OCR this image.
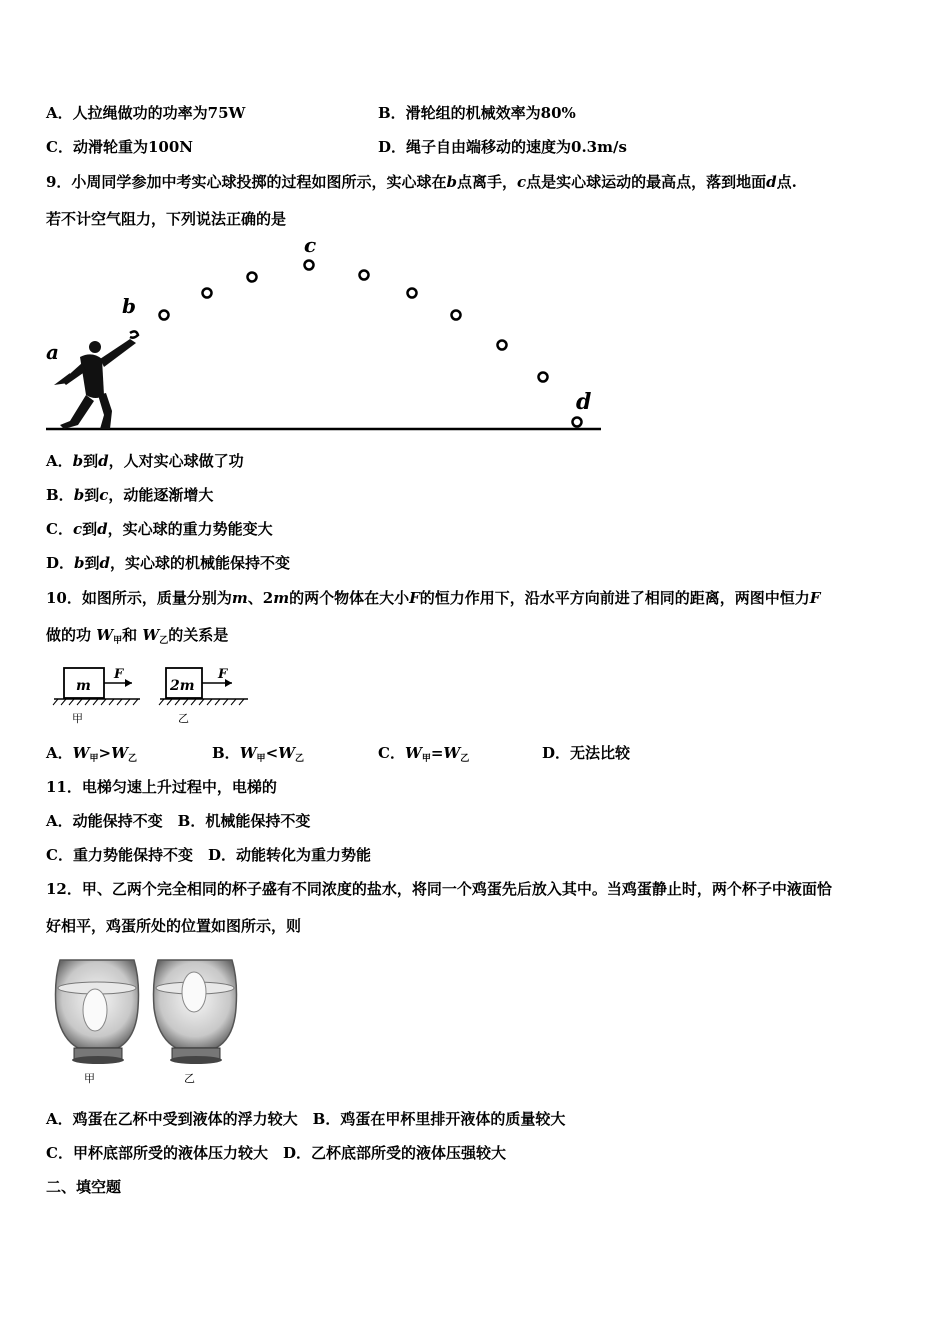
A．人拉绳做功的功率为75W	B．滑轮组的机械效率为80%
C．动滑轮重为100N	D．绳子自由端移动的速度为0.3m/s
9．小周同学参加中考实心球投掷的过程如图所示，实心球在b点离手，c点是实心球运动的最高点，落到地面d点.
若不计空气阻力，下列说法正确的是
a
b
c
d
A．b到d，人对实心球做了功
B．b到c，动能逐渐增大
C．c到d，实心球的重力势能变大
D．b到d，实心球的机械能保持不变
10．如图所示，质量分别为m、2m的两个物体在大小F的恒力作用下，沿水平方向前进了相同的距离，两图中恒力F
做的功 $W_甲$和 $W_乙$的关系是
m
F
甲
2m
F
乙
A．$W_甲>W_乙$	B．$W_甲<W_乙$	C．$W_甲=W_乙$	D．无法比较
11．电梯匀速上升过程中，电梯的
A．动能保持不变　B．机械能保持不变
C．重力势能保持不变　D．动能转化为重力势能
12．甲、乙两个完全相同的杯子盛有不同浓度的盐水，将同一个鸡蛋先后放入其中。当鸡蛋静止时，两个杯子中液面恰
好相平，鸡蛋所处的位置如图所示，则
甲	乙
A．鸡蛋在乙杯中受到液体的浮力较大　B．鸡蛋在甲杯里排开液体的质量较大
C．甲杯底部所受的液体压力较大　D．乙杯底部所受的液体压强较大
二、填空题
